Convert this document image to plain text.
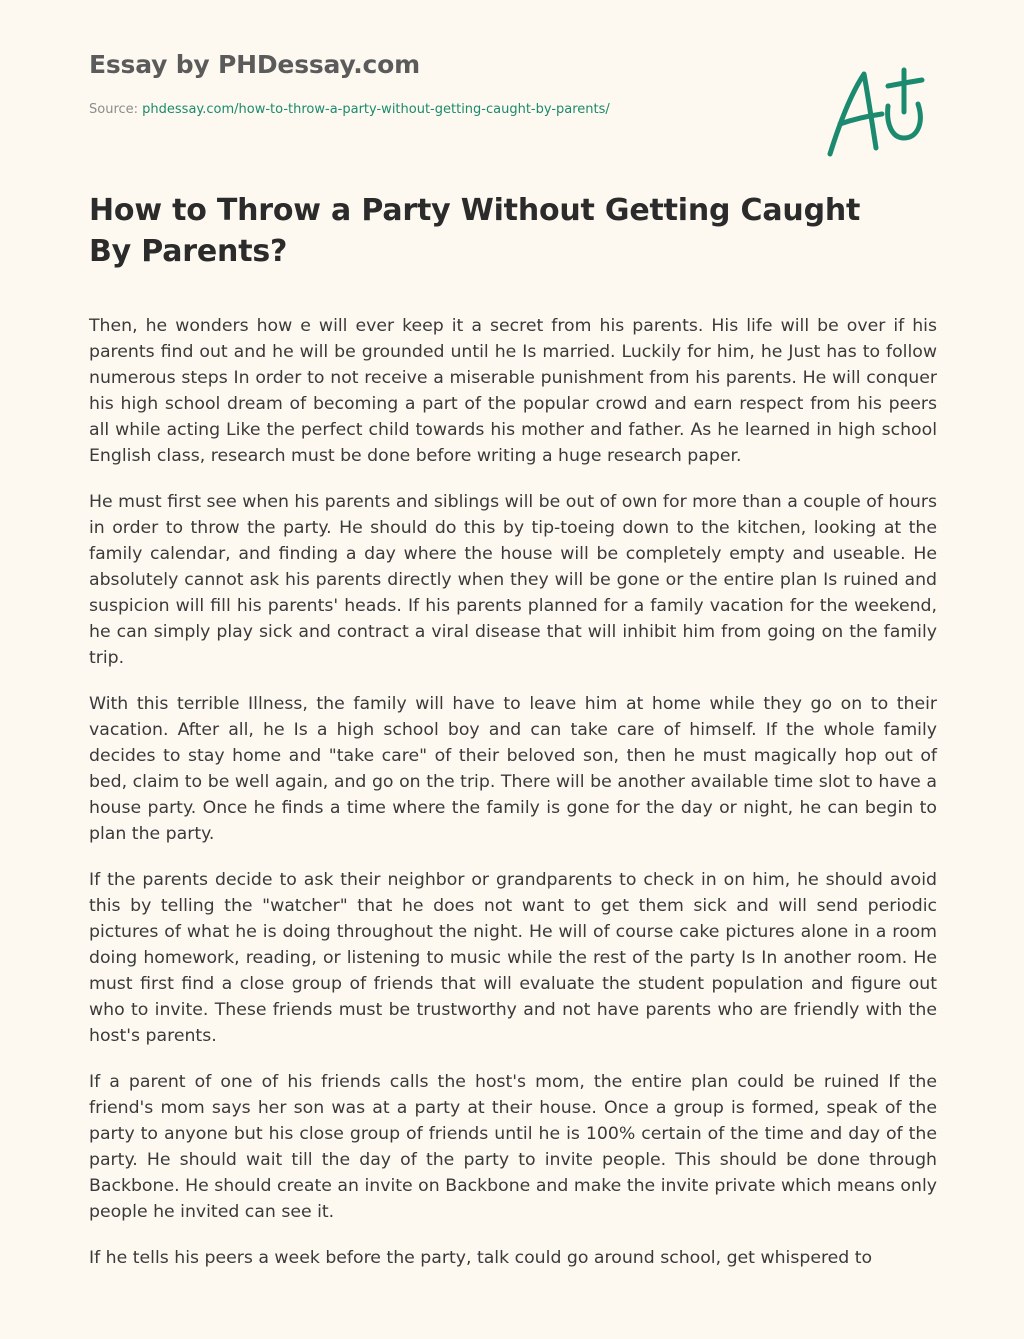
Essay by PHDessay.com
Source: phdessay.com/how-to-throw-a-party-without-getting-caught-by-parents/
How to Throw a Party Without Getting Caught By Parents?

Then, he wonders how e will ever keep it a secret from his parents. His life will be over if his parents find out and he will be grounded until he Is married. Luckily for him, he Just has to follow numerous steps In order to not receive a miserable punishment from his parents. He will conquer his high school dream of becoming a part of the popular crowd and earn respect from his peers all while acting Like the perfect child towards his mother and father. As he learned in high school English class, research must be done before writing a huge research paper.

He must first see when his parents and siblings will be out of own for more than a couple of hours in order to throw the party. He should do this by tip-toeing down to the kitchen, looking at the family calendar, and finding a day where the house will be completely empty and useable. He absolutely cannot ask his parents directly when they will be gone or the entire plan Is ruined and suspicion will fill his parents' heads. If his parents planned for a family vacation for the weekend, he can simply play sick and contract a viral disease that will inhibit him from going on the family trip.

With this terrible Illness, the family will have to leave him at home while they go on to their vacation. After all, he Is a high school boy and can take care of himself. If the whole family decides to stay home and "take care" of their beloved son, then he must magically hop out of bed, claim to be well again, and go on the trip. There will be another available time slot to have a house party. Once he finds a time where the family is gone for the day or night, he can begin to plan the party.

If the parents decide to ask their neighbor or grandparents to check in on him, he should avoid this by telling the "watcher" that he does not want to get them sick and will send periodic pictures of what he is doing throughout the night. He will of course cake pictures alone in a room doing homework, reading, or listening to music while the rest of the party Is In another room. He must first find a close group of friends that will evaluate the student population and figure out who to invite. These friends must be trustworthy and not have parents who are friendly with the host's parents.

If a parent of one of his friends calls the host's mom, the entire plan could be ruined If the friend's mom says her son was at a party at their house. Once a group is formed, speak of the party to anyone but his close group of friends until he is 100% certain of the time and day of the party. He should wait till the day of the party to invite people. This should be done through Backbone. He should create an invite on Backbone and make the invite private which means only people he invited can see it.

If he tells his peers a week before the party, talk could go around school, get whispered to
